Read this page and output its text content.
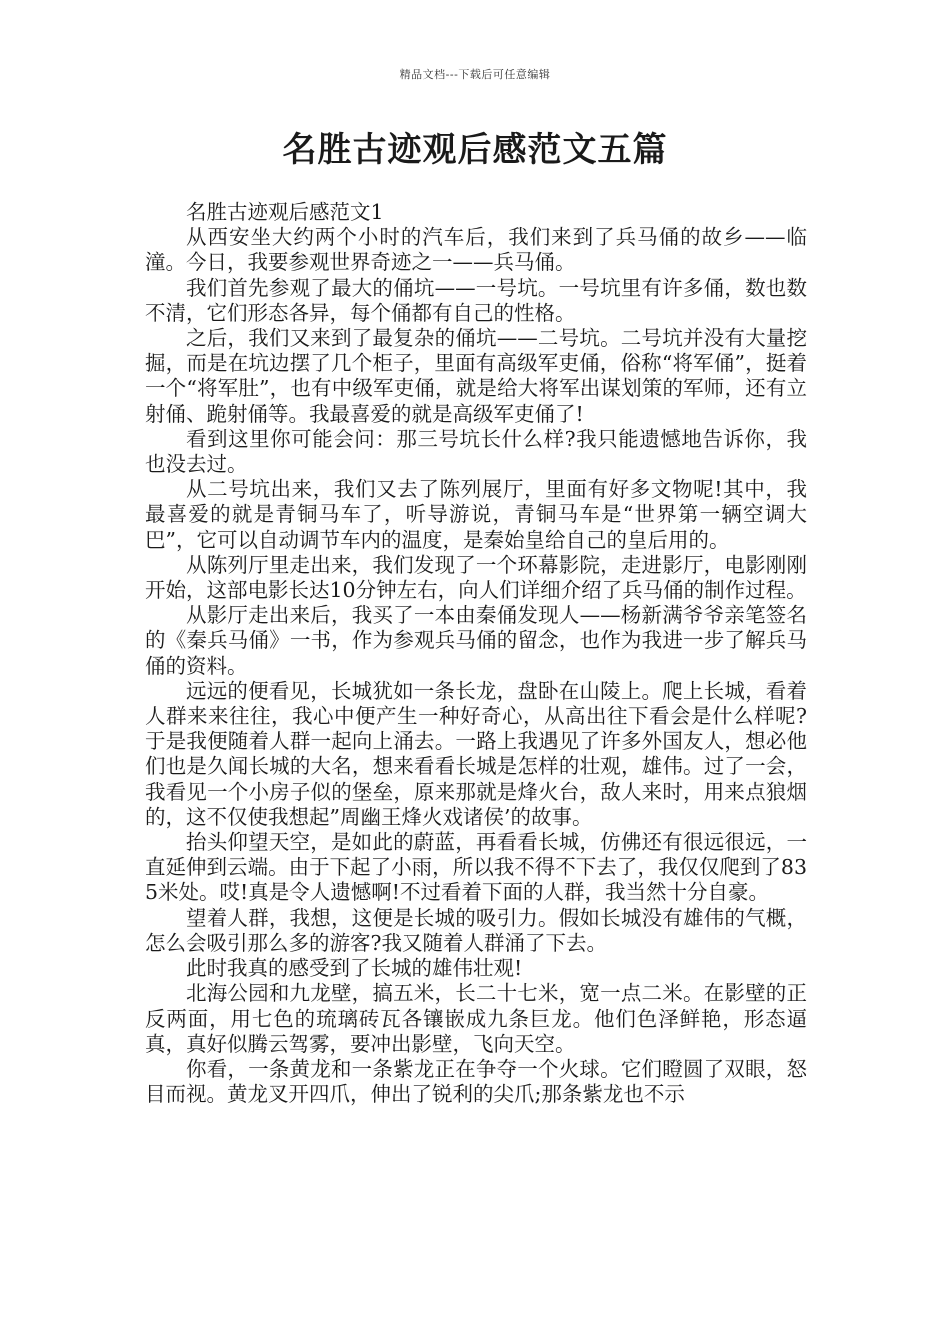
精品文档---下载后可任意编辑
名胜古迹观后感范文五篇

名胜古迹观后感范文1

从西安坐大约两个小时的汽车后，我们来到了兵马俑的故乡——临潼。今日，我要参观世界奇迹之一——兵马俑。

我们首先参观了最大的俑坑——一号坑。一号坑里有许多俑，数也数不清，它们形态各异，每个俑都有自己的性格。

之后，我们又来到了最复杂的俑坑——二号坑。二号坑并没有大量挖掘，而是在坑边摆了几个柜子，里面有高级军吏俑，俗称“将军俑”，挺着一个“将军肚”，也有中级军吏俑，就是给大将军出谋划策的军师，还有立射俑、跪射俑等。我最喜爱的就是高级军吏俑了!

看到这里你可能会问：那三号坑长什么样?我只能遗憾地告诉你，我也没去过。

从二号坑出来，我们又去了陈列展厅，里面有好多文物呢!其中，我最喜爱的就是青铜马车了，听导游说，青铜马车是“世界第一辆空调大巴”，它可以自动调节车内的温度，是秦始皇给自己的皇后用的。

从陈列厅里走出来，我们发现了一个环幕影院，走进影厅，电影刚刚开始，这部电影长达10分钟左右，向人们详细介绍了兵马俑的制作过程。

从影厅走出来后，我买了一本由秦俑发现人——杨新满爷爷亲笔签名的《秦兵马俑》一书，作为参观兵马俑的留念，也作为我进一步了解兵马俑的资料。

远远的便看见，长城犹如一条长龙，盘卧在山陵上。爬上长城，看着人群来来往往，我心中便产生一种好奇心，从高出往下看会是什么样呢?于是我便随着人群一起向上涌去。一路上我遇见了许多外国友人，想必他们也是久闻长城的大名，想来看看长城是怎样的壮观，雄伟。过了一会，我看见一个小房子似的堡垒，原来那就是烽火台，敌人来时，用来点狼烟的，这不仅使我想起”周幽王烽火戏诸侯’的故事。

抬头仰望天空，是如此的蔚蓝，再看看长城，仿佛还有很远很远，一直延伸到云端。由于下起了小雨，所以我不得不下去了，我仅仅爬到了835米处。哎!真是令人遗憾啊!不过看着下面的人群，我当然十分自豪。

望着人群，我想，这便是长城的吸引力。假如长城没有雄伟的气概，怎么会吸引那么多的游客?我又随着人群涌了下去。

此时我真的感受到了长城的雄伟壮观!

北海公园和九龙壁，搞五米，长二十七米，宽一点二米。在影壁的正反两面，用七色的琉璃砖瓦各镶嵌成九条巨龙。他们色泽鲜艳，形态逼真，真好似腾云驾雾，要冲出影壁，飞向天空。

你看，一条黄龙和一条紫龙正在争夺一个火球。它们瞪圆了双眼，怒目而视。黄龙叉开四爪，伸出了锐利的尖爪;那条紫龙也不示
